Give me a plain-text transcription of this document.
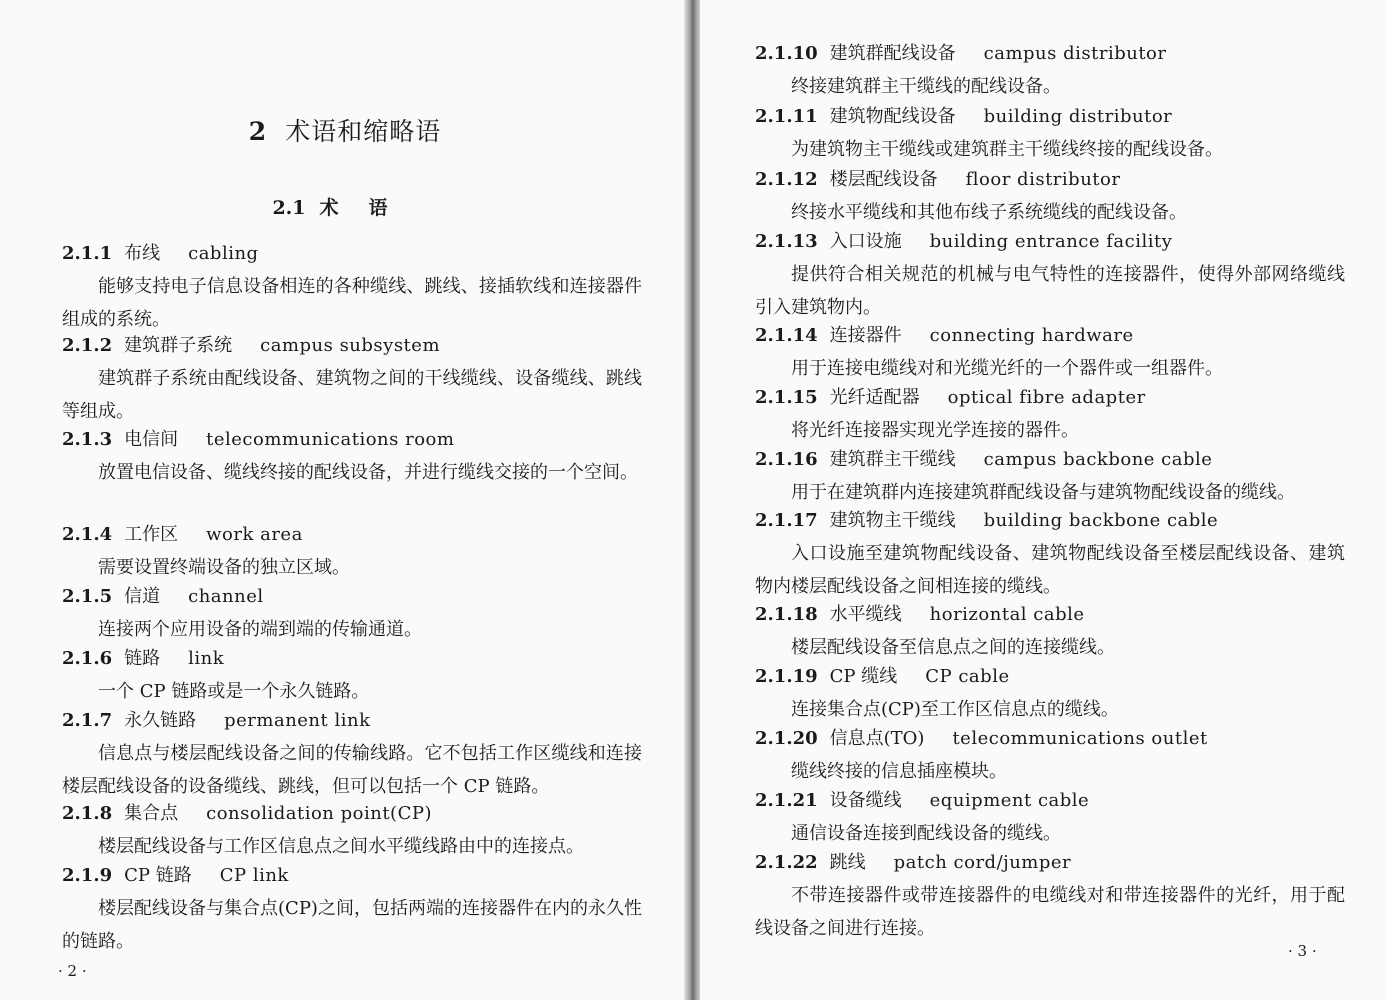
2 术语和缩略语
2.1 术语
2.1.1 布线 cabling
能够支持电子信息设备相连的各种缆线、跳线、接插软线和连接器件组成的系统。
2.1.2 建筑群子系统 campus subsystem
建筑群子系统由配线设备、建筑物之间的干线缆线、设备缆线、跳线等组成。
2.1.3 电信间 telecommunications room
放置电信设备、缆线终接的配线设备，并进行缆线交接的一个空间。
2.1.4 工作区 work area
需要设置终端设备的独立区域。
2.1.5 信道 channel
连接两个应用设备的端到端的传输通道。
2.1.6 链路 link
一个 CP 链路或是一个永久链路。
2.1.7 永久链路 permanent link
信息点与楼层配线设备之间的传输线路。它不包括工作区缆线和连接楼层配线设备的设备缆线、跳线，但可以包括一个 CP 链路。
2.1.8 集合点 consolidation point(CP)
楼层配线设备与工作区信息点之间水平缆线路由中的连接点。
2.1.9 CP 链路 CP link
楼层配线设备与集合点(CP)之间，包括两端的连接器件在内的永久性的链路。
· 2 ·
2.1.10 建筑群配线设备 campus distributor
终接建筑群主干缆线的配线设备。
2.1.11 建筑物配线设备 building distributor
为建筑物主干缆线或建筑群主干缆线终接的配线设备。
2.1.12 楼层配线设备 floor distributor
终接水平缆线和其他布线子系统缆线的配线设备。
2.1.13 入口设施 building entrance facility
提供符合相关规范的机械与电气特性的连接器件，使得外部网络缆线引入建筑物内。
2.1.14 连接器件 connecting hardware
用于连接电缆线对和光缆光纤的一个器件或一组器件。
2.1.15 光纤适配器 optical fibre adapter
将光纤连接器实现光学连接的器件。
2.1.16 建筑群主干缆线 campus backbone cable
用于在建筑群内连接建筑群配线设备与建筑物配线设备的缆线。
2.1.17 建筑物主干缆线 building backbone cable
入口设施至建筑物配线设备、建筑物配线设备至楼层配线设备、建筑物内楼层配线设备之间相连接的缆线。
2.1.18 水平缆线 horizontal cable
楼层配线设备至信息点之间的连接缆线。
2.1.19 CP 缆线 CP cable
连接集合点(CP)至工作区信息点的缆线。
2.1.20 信息点(TO) telecommunications outlet
缆线终接的信息插座模块。
2.1.21 设备缆线 equipment cable
通信设备连接到配线设备的缆线。
2.1.22 跳线 patch cord/jumper
不带连接器件或带连接器件的电缆线对和带连接器件的光纤，用于配线设备之间进行连接。
· 3 ·
